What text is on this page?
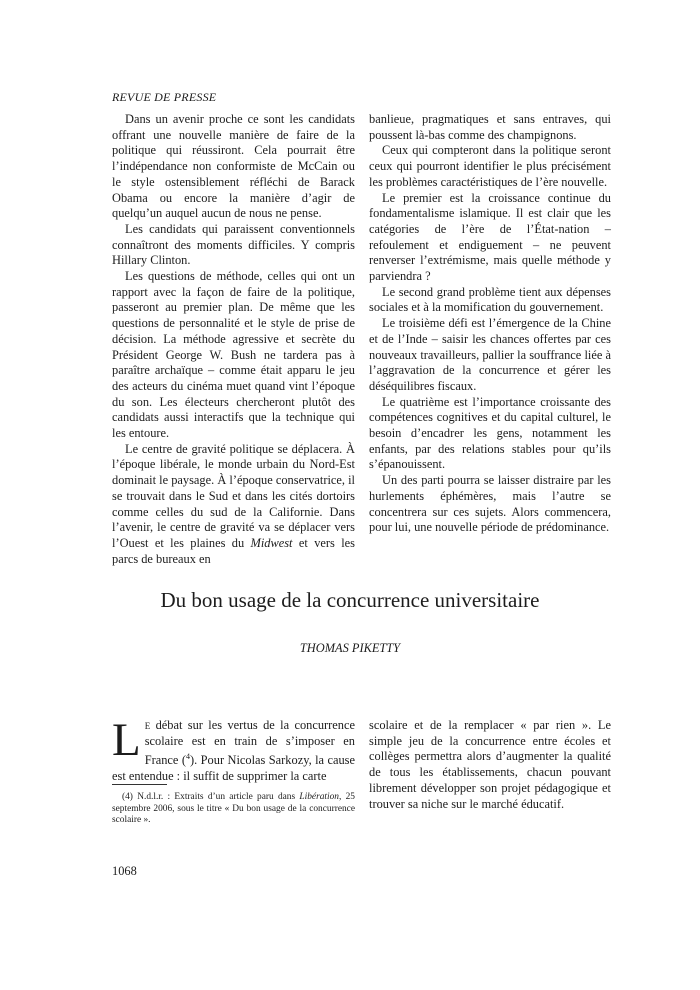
REVUE DE PRESSE

Dans un avenir proche ce sont les candidats offrant une nouvelle manière de faire de la politique qui réussiront. Cela pourrait être l’indépendance non conformiste de McCain ou le style ostensiblement réfléchi de Barack Obama ou encore la manière d’agir de quelqu’un auquel aucun de nous ne pense.

Les candidats qui paraissent conventionnels connaîtront des moments difficiles. Y compris Hillary Clinton.

Les questions de méthode, celles qui ont un rapport avec la façon de faire de la politique, passeront au premier plan. De même que les questions de personnalité et le style de prise de décision. La méthode agressive et secrète du Président George W. Bush ne tardera pas à paraître archaïque – comme était apparu le jeu des acteurs du cinéma muet quand vint l’époque du son. Les électeurs chercheront plutôt des candidats aussi interactifs que la technique qui les entoure.

Le centre de gravité politique se déplacera. À l’époque libérale, le monde urbain du Nord-Est dominait le paysage. À l’époque conservatrice, il se trouvait dans le Sud et dans les cités dortoirs comme celles du sud de la Californie. Dans l’avenir, le centre de gravité va se déplacer vers l’Ouest et les plaines du Midwest et vers les parcs de bureaux en

banlieue, pragmatiques et sans entraves, qui poussent là-bas comme des champignons.

Ceux qui compteront dans la politique seront ceux qui pourront identifier le plus précisément les problèmes caractéristiques de l’ère nouvelle.

Le premier est la croissance continue du fondamentalisme islamique. Il est clair que les catégories de l’ère de l’État-nation – refoulement et endiguement – ne peuvent renverser l’extrémisme, mais quelle méthode y parviendra ?

Le second grand problème tient aux dépenses sociales et à la momification du gouvernement.

Le troisième défi est l’émergence de la Chine et de l’Inde – saisir les chances offertes par ces nouveaux travailleurs, pallier la souffrance liée à l’aggravation de la concurrence et gérer les déséquilibres fiscaux.

Le quatrième est l’importance croissante des compétences cognitives et du capital culturel, le besoin d’encadrer les gens, notamment les enfants, par des relations stables pour qu’ils s’épanouissent.

Un des parti pourra se laisser distraire par les hurlements éphémères, mais l’autre se concentrera sur ces sujets. Alors commencera, pour lui, une nouvelle période de prédominance.

Du bon usage de la concurrence universitaire
THOMAS PIKETTY

Le débat sur les vertus de la concurrence scolaire est en train de s’imposer en France ($^4$). Pour Nicolas Sarkozy, la cause est entendue : il suffit de supprimer la carte

scolaire et de la remplacer « par rien ». Le simple jeu de la concurrence entre écoles et collèges permettra alors d’augmenter la qualité de tous les établissements, chacun pouvant librement développer son projet pédagogique et trouver sa niche sur le marché éducatif.

(4) N.d.l.r. : Extraits d’un article paru dans Libération, 25 septembre 2006, sous le titre « Du bon usage de la concurrence scolaire ».
1068
